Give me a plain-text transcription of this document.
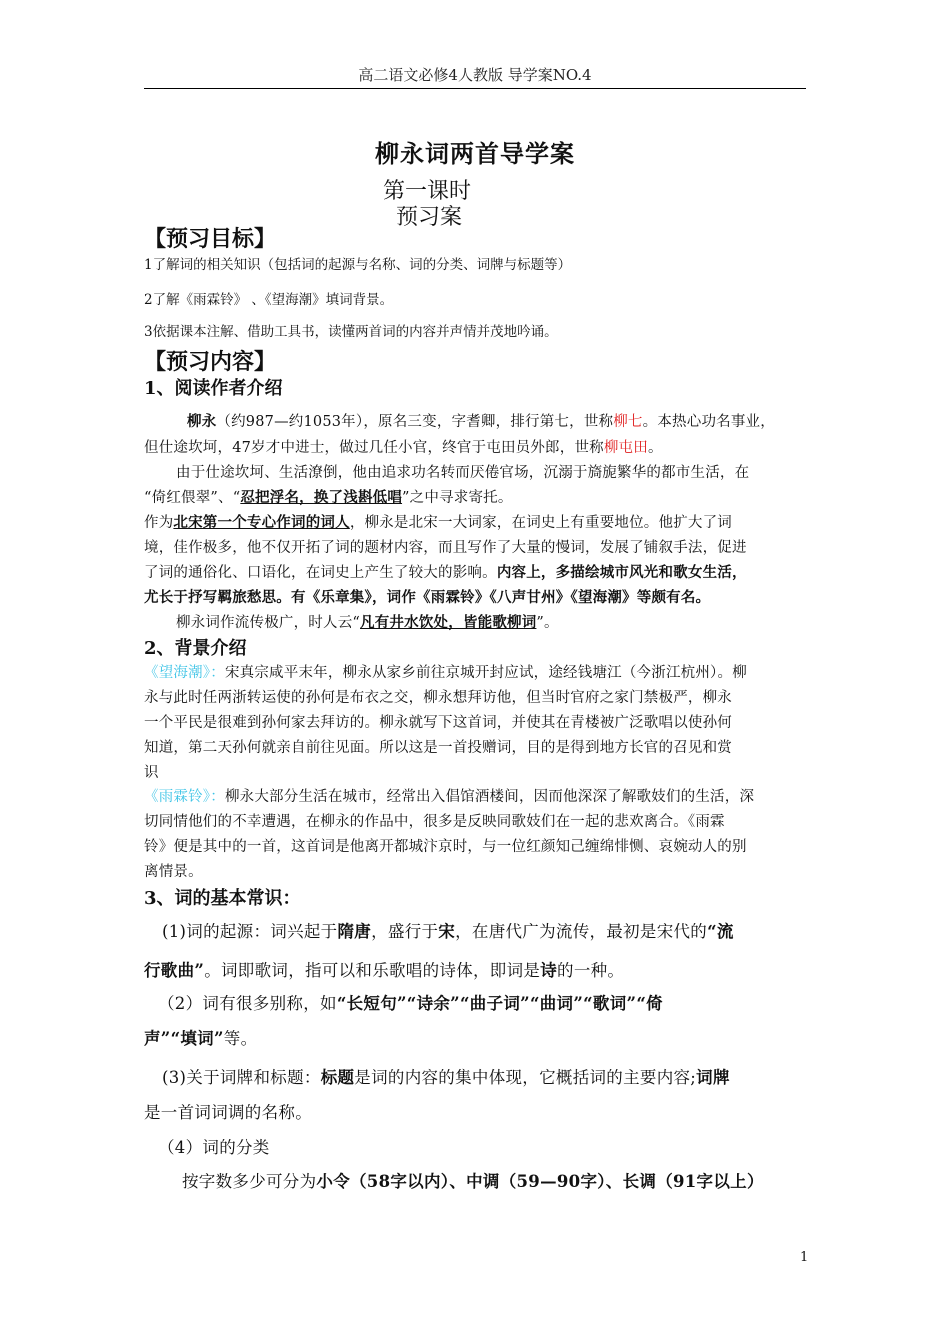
高二语文必修4人教版 导学案NO.4
柳永词两首导学案
第一课时
预习案
【预习目标】
1了解词的相关知识（包括词的起源与名称、词的分类、词牌与标题等）
2了解《雨霖铃》 、《望海潮》填词背景。
3依据课本注解、借助工具书，读懂两首词的内容并声情并茂地吟诵。
【预习内容】
1、阅读作者介绍
柳永（约987—约1053年），原名三变，字耆卿，排行第七，世称柳七。本热心功名事业，
但仕途坎坷，47岁才中进士，做过几任小官，终官于屯田员外郎，世称柳屯田。
由于仕途坎坷、生活潦倒，他由追求功名转而厌倦官场，沉溺于旖旎繁华的都市生活，在
“倚红偎翠”、“忍把浮名，换了浅斟低唱”之中寻求寄托。
作为北宋第一个专心作词的词人，柳永是北宋一大词家，在词史上有重要地位。他扩大了词
境，佳作极多，他不仅开拓了词的题材内容，而且写作了大量的慢词，发展了铺叙手法，促进
了词的通俗化、口语化，在词史上产生了较大的影响。内容上，多描绘城市风光和歌女生活，
尤长于抒写羁旅愁思。有《乐章集》，词作《雨霖铃》《八声甘州》《望海潮》等颇有名。
柳永词作流传极广，时人云“凡有井水饮处，皆能歌柳词”。
2、背景介绍
《望海潮》：宋真宗咸平末年，柳永从家乡前往京城开封应试，途经钱塘江（今浙江杭州）。柳
永与此时任两浙转运使的孙何是布衣之交，柳永想拜访他，但当时官府之家门禁极严，柳永
一个平民是很难到孙何家去拜访的。柳永就写下这首词，并使其在青楼被广泛歌唱以使孙何
知道，第二天孙何就亲自前往见面。所以这是一首投赠词，目的是得到地方长官的召见和赏
识
《雨霖铃》：柳永大部分生活在城市，经常出入倡馆酒楼间，因而他深深了解歌妓们的生活，深
切同情他们的不幸遭遇，在柳永的作品中，很多是反映同歌妓们在一起的悲欢离合。《雨霖
铃》便是其中的一首，这首词是他离开都城汴京时，与一位红颜知己缠绵悱恻、哀婉动人的别
离情景。
3、词的基本常识：
(1)词的起源：词兴起于隋唐，盛行于宋，在唐代广为流传，最初是宋代的“流
行歌曲”。词即歌词，指可以和乐歌唱的诗体，即词是诗的一种。
（2）词有很多别称，如“长短句”“诗余”“曲子词”“曲词”“歌词”“倚
声”“填词”等。
(3)关于词牌和标题：标题是词的内容的集中体现，它概括词的主要内容;词牌
是一首词词调的名称。
（4）词的分类
按字数多少可分为小令（58字以内）、中调（59—90字）、长调（91字以上）
1
